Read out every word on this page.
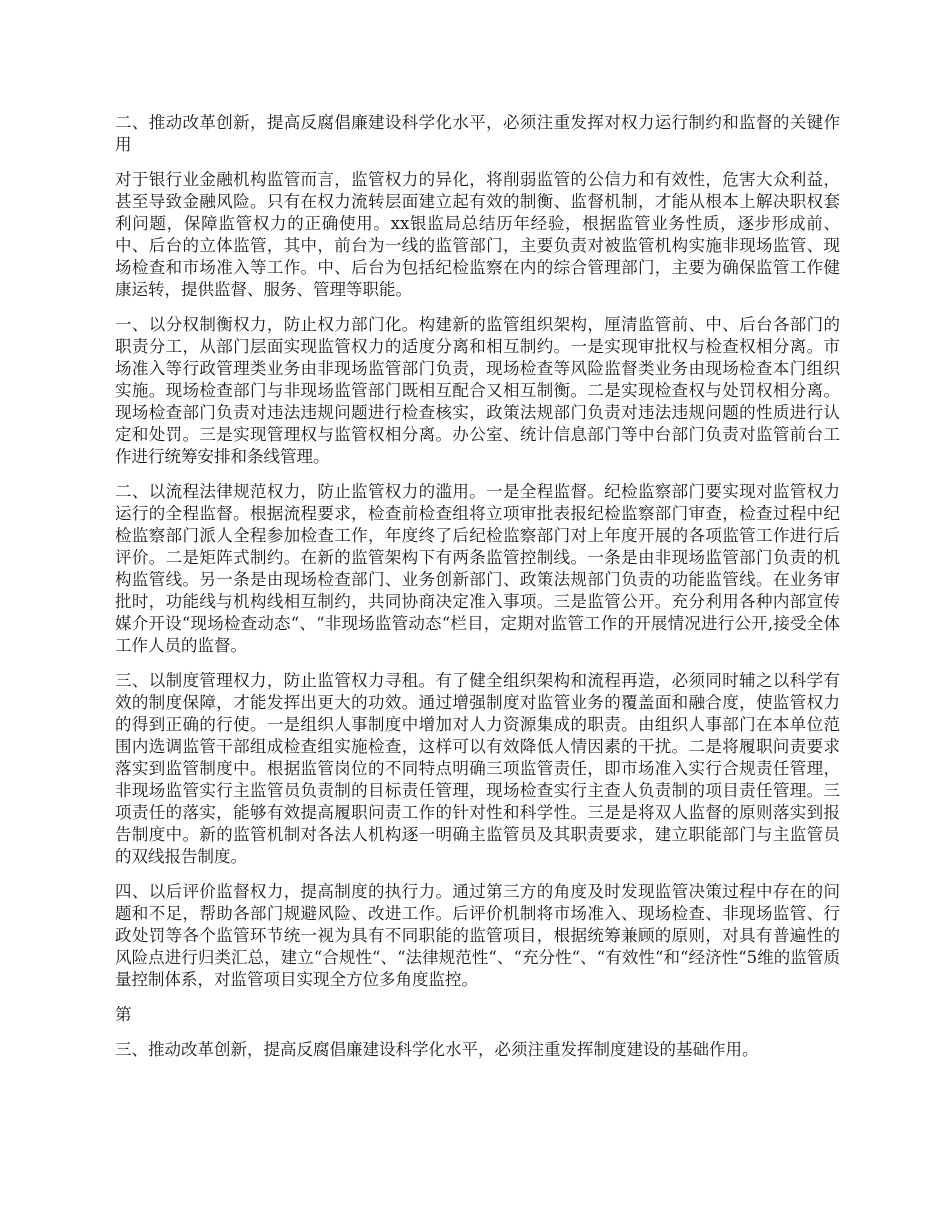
二、推动改革创新，提高反腐倡廉建设科学化水平，必须注重发挥对权力运行制约和监督的关键作用

对于银行业金融机构监管而言，监管权力的异化，将削弱监管的公信力和有效性，危害大众利益，甚至导致金融风险。只有在权力流转层面建立起有效的制衡、监督机制，才能从根本上解决职权套利问题，保障监管权力的正确使用。xx银监局总结历年经验，根据监管业务性质，逐步形成前、中、后台的立体监管，其中，前台为一线的监管部门，主要负责对被监管机构实施非现场监管、现场检查和市场准入等工作。中、后台为包括纪检监察在内的综合管理部门，主要为确保监管工作健康运转，提供监督、服务、管理等职能。

一、以分权制衡权力，防止权力部门化。构建新的监管组织架构，厘清监管前、中、后台各部门的职责分工，从部门层面实现监管权力的适度分离和相互制约。一是实现审批权与检查权相分离。市场准入等行政管理类业务由非现场监管部门负责，现场检查等风险监督类业务由现场检查本门组织实施。现场检查部门与非现场监管部门既相互配合又相互制衡。二是实现检查权与处罚权相分离。现场检查部门负责对违法违规问题进行检查核实，政策法规部门负责对违法违规问题的性质进行认定和处罚。三是实现管理权与监管权相分离。办公室、统计信息部门等中台部门负责对监管前台工作进行统筹安排和条线管理。

二、以流程法律规范权力，防止监管权力的滥用。一是全程监督。纪检监察部门要实现对监管权力运行的全程监督。根据流程要求，检查前检查组将立项审批表报纪检监察部门审查，检查过程中纪检监察部门派人全程参加检查工作，年度终了后纪检监察部门对上年度开展的各项监管工作进行后评价。二是矩阵式制约。在新的监管架构下有两条监管控制线。一条是由非现场监管部门负责的机构监管线。另一条是由现场检查部门、业务创新部门、政策法规部门负责的功能监管线。在业务审批时，功能线与机构线相互制约，共同协商决定准入事项。三是监管公开。充分利用各种内部宣传媒介开设“现场检查动态“、“非现场监管动态“栏目，定期对监管工作的开展情况进行公开,接受全体工作人员的监督。

三、以制度管理权力，防止监管权力寻租。有了健全组织架构和流程再造，必须同时辅之以科学有效的制度保障，才能发挥出更大的功效。通过增强制度对监管业务的覆盖面和融合度，使监管权力的得到正确的行使。一是组织人事制度中增加对人力资源集成的职责。由组织人事部门在本单位范围内选调监管干部组成检查组实施检查，这样可以有效降低人情因素的干扰。二是将履职问责要求落实到监管制度中。根据监管岗位的不同特点明确三项监管责任，即市场准入实行合规责任管理，非现场监管实行主监管员负责制的目标责任管理，现场检查实行主查人负责制的项目责任管理。三项责任的落实，能够有效提高履职问责工作的针对性和科学性。三是是将双人监督的原则落实到报告制度中。新的监管机制对各法人机构逐一明确主监管员及其职责要求，建立职能部门与主监管员的双线报告制度。

四、以后评价监督权力，提高制度的执行力。通过第三方的角度及时发现监管决策过程中存在的问题和不足，帮助各部门规避风险、改进工作。后评价机制将市场准入、现场检查、非现场监管、行政处罚等各个监管环节统一视为具有不同职能的监管项目，根据统筹兼顾的原则，对具有普遍性的风险点进行归类汇总，建立“合规性“、“法律规范性“、“充分性“、“有效性“和“经济性“5维的监管质量控制体系，对监管项目实现全方位多角度监控。

第

三、推动改革创新，提高反腐倡廉建设科学化水平，必须注重发挥制度建设的基础作用。
